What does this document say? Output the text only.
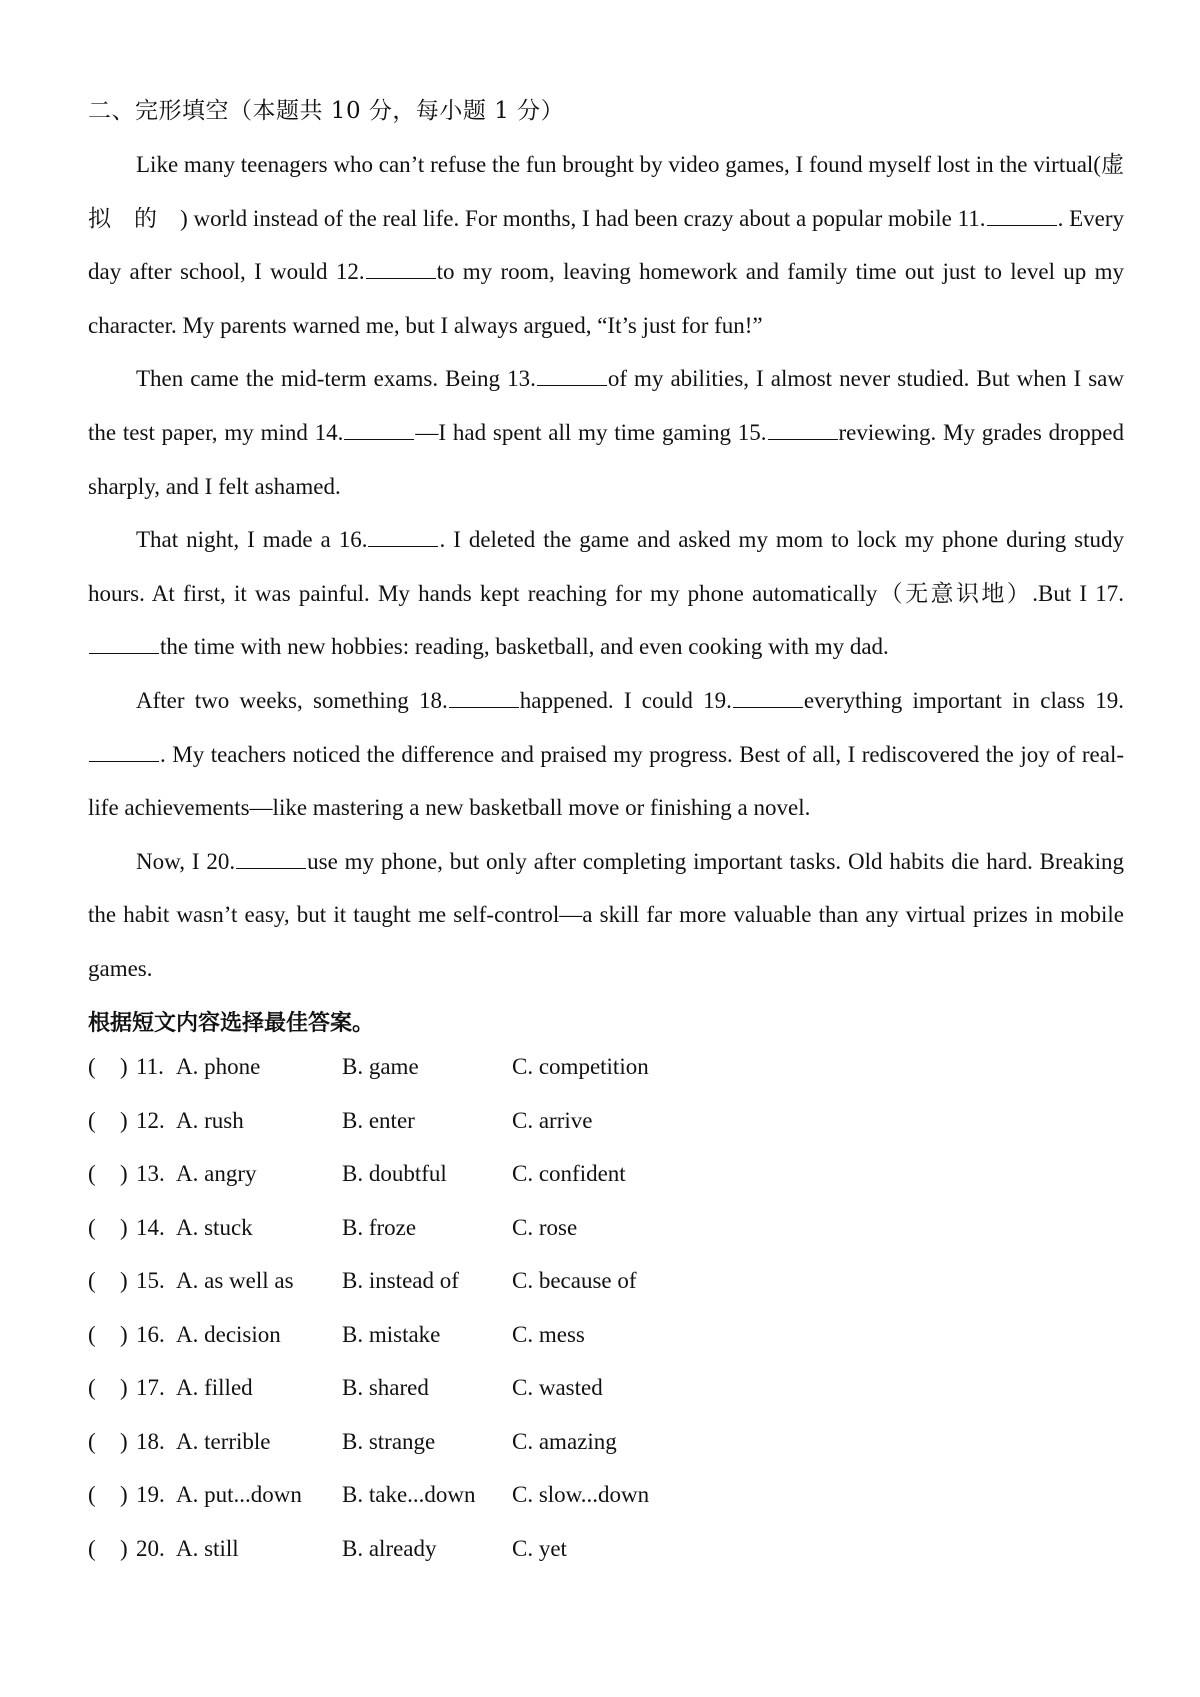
二、完形填空（本题共 10 分，每小题 1 分）

Like many teenagers who can’t refuse the fun brought by video games, I found myself lost in the virtual(虚　拟　的　) world instead of the real life. For months, I had been crazy about a popular mobile 11.	. Every day after school, I would 12.	to my room, leaving homework and family time out just to level up my character. My parents warned me, but I always argued, “It’s just for fun!”

Then came the mid-term exams. Being 13.	of my abilities, I almost never studied. But when I saw the test paper, my mind 14.	—I had spent all my time gaming 15.	reviewing. My grades dropped sharply, and I felt ashamed.

That night, I made a 16.	. I deleted the game and asked my mom to lock my phone during study hours. At first, it was painful. My hands kept reaching for my phone automatically（无意识地）.But I 17.the time with new hobbies: reading, basketball, and even cooking with my dad.

After two weeks, something 18.	happened. I could 19.	everything important in class 19.. My teachers noticed the difference and praised my progress. Best of all, I rediscovered the joy of real-life achievements—like mastering a new basketball move or finishing a novel.

Now, I 20.	use my phone, but only after completing important tasks. Old habits die hard. Breaking the habit wasn’t easy, but it taught me self-control—a skill far more valuable than any virtual prizes in mobile games.

根据短文内容选择最佳答案。
( ) 11. A. phone	B. game	C. competition
( ) 12. A. rush	B. enter	C. arrive
( ) 13. A. angry	B. doubtful	C. confident
( ) 14. A. stuck	B. froze	C. rose
( ) 15. A. as well as B. instead of C. because of
( ) 16. A. decision	B. mistake	C. mess
( ) 17. A. filled	B. shared	C. wasted
( ) 18. A. terrible	B. strange	C. amazing
( ) 19. A. put...down B. take...down C. slow...down
( ) 20. A. still	B. already	C. yet
